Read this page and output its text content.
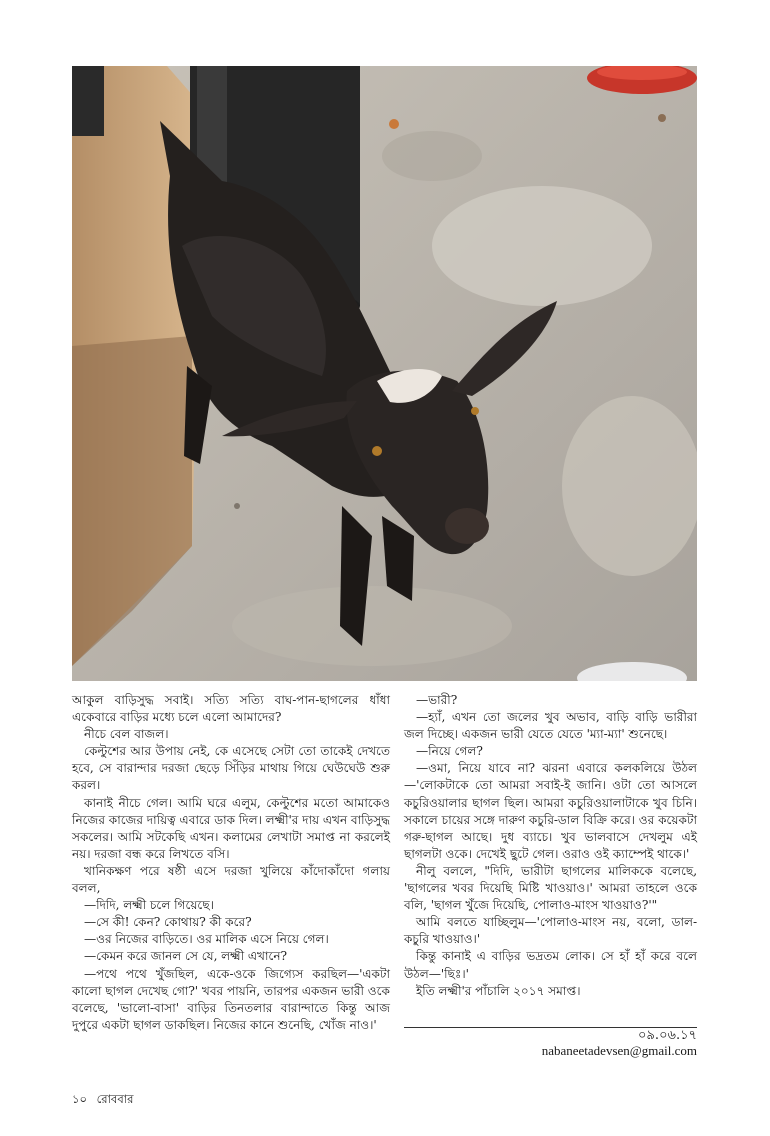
আকুল বাড়িসুদ্ধ সবাই। সত্যি সত্যি বাঘ-পান-ছাগলের ধাঁধা একেবারে বাড়ির মধ্যে চলে এলো আমাদের?

নীচে বেল বাজল।

কেল্টুশের আর উপায় নেই, কে এসেছে সেটা তো তাকেই দেখতে হবে, সে বারান্দার দরজা ছেড়ে সিঁড়ির মাথায় গিয়ে ঘেউঘেউ শুরু করল।

কানাই নীচে গেল। আমি ঘরে এলুম, কেল্টুশের মতো আমাকেও নিজের কাজের দায়িত্ব এবারে ডাক দিল। লক্ষ্মী'র দায় এখন বাড়িসুদ্ধ সকলের। আমি সটকেছি এখন। কলামের লেখাটা সমাপ্ত না করলেই নয়। দরজা বন্ধ করে লিখতে বসি।

খানিকক্ষণ পরে ষষ্ঠী এসে দরজা খুলিয়ে কাঁদোকাঁদো গলায় বলল,

—দিদি, লক্ষ্মী চলে গিয়েছে।

—সে কী! কেন? কোথায়? কী করে?

—ওর নিজের বাড়িতে। ওর মালিক এসে নিয়ে গেল।

—কেমন করে জানল সে যে, লক্ষ্মী এখানে?

—পথে পথে খুঁজছিল, একে-ওকে জিগ্যেস করছিল—'একটা কালো ছাগল দেখেছ গো?' খবর পায়নি, তারপর একজন ভারী ওকে বলেছে, 'ভালো-বাসা' বাড়ির তিনতলার বারান্দাতে কিন্তু আজ দুপুরে একটা ছাগল ডাকছিল। নিজের কানে শুনেছি, খোঁজ নাও।'

—ভারী?

—হ্যাঁ, এখন তো জলের খুব অভাব, বাড়ি বাড়ি ভারীরা জল দিচ্ছে। একজন ভারী যেতে যেতে 'ম্যা-ম্যা' শুনেছে।

—নিয়ে গেল?

—ওমা, নিয়ে যাবে না? ঝরনা এবারে কলকলিয়ে উঠল—'লোকটাকে তো আমরা সবাই-ই জানি। ওটা তো আসলে কচুরিওয়ালার ছাগল ছিল। আমরা কচুরিওয়ালাটাকে খুব চিনি। সকালে চায়ের সঙ্গে দারুণ কচুরি-ডাল বিক্রি করে। ওর কয়েকটা গরু-ছাগল আছে। দুধ ব্যাচে। খুব ভালবাসে দেখলুম এই ছাগলটা ওকে। দেখেই ছুটে গেল। ওরাও ওই ক্যাম্পেই থাকে।'

নীলু বললে, "দিদি, ভারীটা ছাগলের মালিককে বলেছে, 'ছাগলের খবর দিয়েছি মিষ্টি খাওয়াও।' আমরা তাহলে ওকে বলি, 'ছাগল খুঁজে দিয়েছি, পোলাও-মাংস খাওয়াও?'"

আমি বলতে যাচ্ছিলুম—'পোলাও-মাংস নয়, বলো, ডাল-কচুরি খাওয়াও।'

কিন্তু কানাই এ বাড়ির ভদ্রতম লোক। সে হাঁ হাঁ করে বলে উঠল—'ছিঃ।'

ইতি লক্ষ্মী'র পাঁচালি ২০১৭ সমাপ্ত।

০৯.০৬.১৭
nabaneetadevsen@gmail.com
১০ রোববার
